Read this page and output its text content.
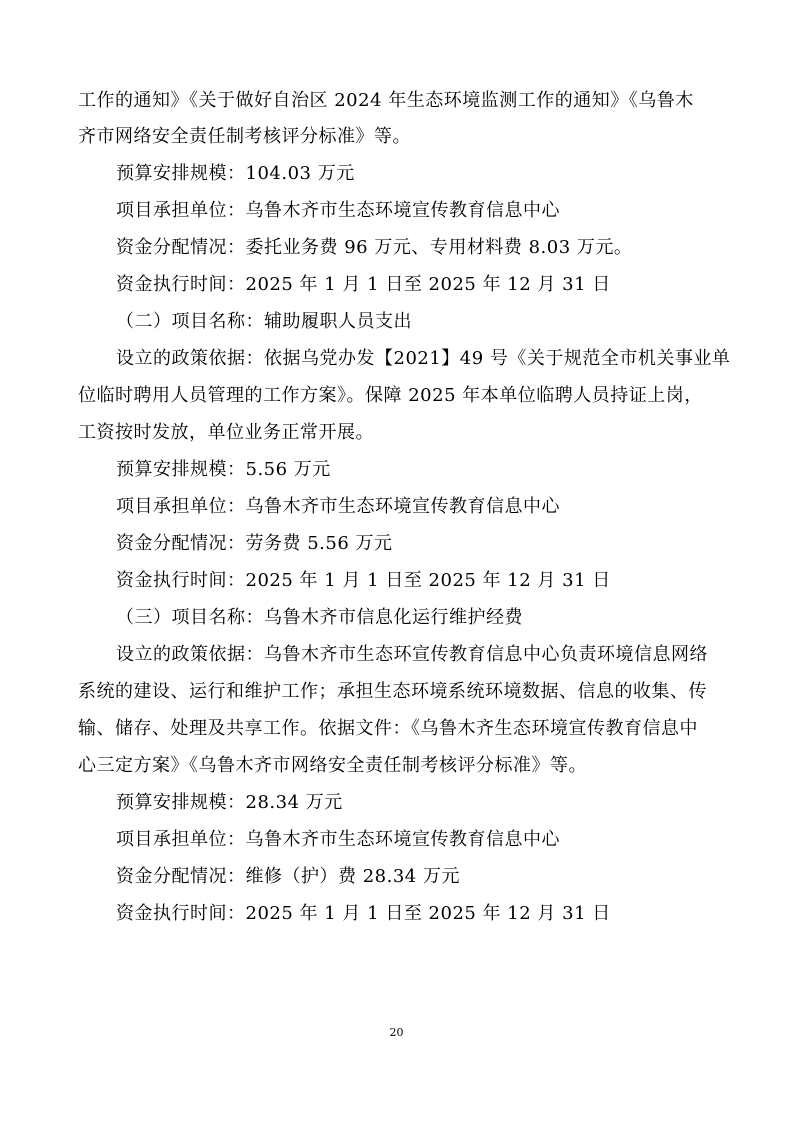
工作的通知》《关于做好自治区 2024 年生态环境监测工作的通知》《乌鲁木
齐市网络安全责任制考核评分标准》等。
预算安排规模：104.03 万元
项目承担单位：乌鲁木齐市生态环境宣传教育信息中心
资金分配情况：委托业务费 96 万元、专用材料费 8.03 万元。
资金执行时间：2025 年 1 月 1 日至 2025 年 12 月 31 日
（二）项目名称：辅助履职人员支出
设立的政策依据：依据乌党办发【2021】49 号《关于规范全市机关事业单
位临时聘用人员管理的工作方案》。保障 2025 年本单位临聘人员持证上岗，
工资按时发放，单位业务正常开展。
预算安排规模：5.56 万元
项目承担单位：乌鲁木齐市生态环境宣传教育信息中心
资金分配情况：劳务费 5.56 万元
资金执行时间：2025 年 1 月 1 日至 2025 年 12 月 31 日
（三）项目名称：乌鲁木齐市信息化运行维护经费
设立的政策依据：乌鲁木齐市生态环宣传教育信息中心负责环境信息网络
系统的建设、运行和维护工作；承担生态环境系统环境数据、信息的收集、传
输、储存、处理及共享工作。依据文件：《乌鲁木齐生态环境宣传教育信息中
心三定方案》《乌鲁木齐市网络安全责任制考核评分标准》等。
预算安排规模：28.34 万元
项目承担单位：乌鲁木齐市生态环境宣传教育信息中心
资金分配情况：维修（护）费 28.34 万元
资金执行时间：2025 年 1 月 1 日至 2025 年 12 月 31 日
20
